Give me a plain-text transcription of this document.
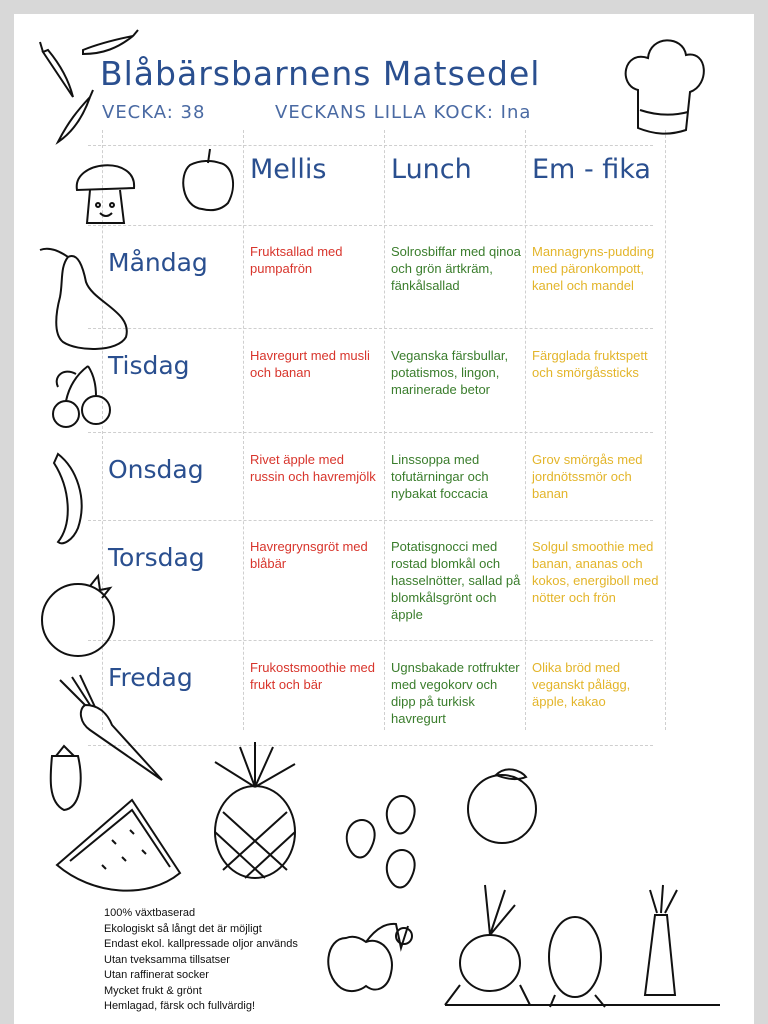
Blåbärsbarnens Matsedel
VECKA: 38	VECKANS LILLA KOCK: Ina
Mellis Lunch Em - fika
Måndag
Tisdag
Onsdag
Torsdag
Fredag
Fruktsallad med pumpafrön
Solrosbiffar med qinoa och grön ärtkräm, fänkålsallad
Mannagryns-pudding med päronkompott, kanel och mandel
Havregurt med musli och banan
Veganska färsbullar, potatismos, lingon, marinerade betor
Färgglada fruktspett och smörgåssticks
Rivet äpple med russin och havremjölk
Linssoppa med tofutärningar och nybakat foccacia
Grov smörgås med jordnötssmör och banan
Havregrynsgröt med blåbär
Potatisgnocci med rostad blomkål och hasselnötter, sallad på blomkålsgrönt och äpple
Solgul smoothie med banan, ananas och kokos, energiboll med nötter och frön
Frukostsmoothie med frukt och bär
Ugnsbakade rotfrukter med vegokorv och dipp på turkisk havregurt
Olika bröd med veganskt pålägg, äpple, kakao
100% växtbaserad
Ekologiskt så långt det är möjligt
Endast ekol. kallpressade oljor används
Utan tveksamma tillsatser
Utan raffinerat socker
Mycket frukt & grönt
Hemlagad, färsk och fullvärdig!
